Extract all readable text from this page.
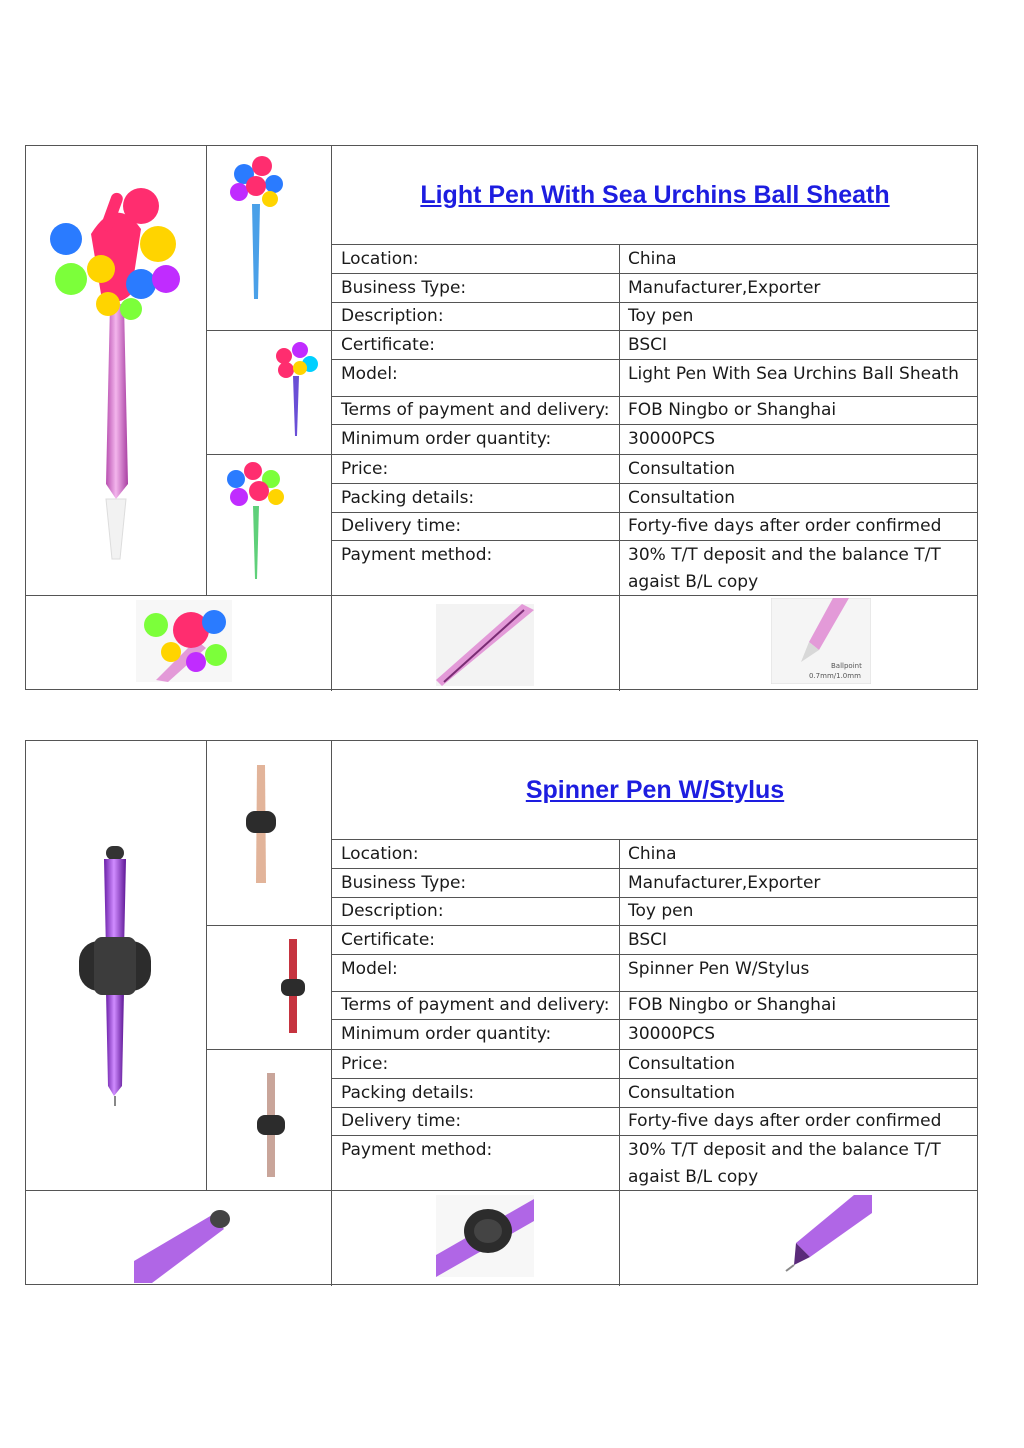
Light Pen With Sea Urchins Ball Sheath
Location:	China
Business Type:	Manufacturer,Exporter
Description:	Toy pen
Certificate:	BSCI
Model:	Light Pen With Sea Urchins Ball Sheath
Terms of payment and delivery: FOB Ningbo or Shanghai
Minimum order quantity:	30000PCS
Price:	Consultation
Packing details:	Consultation
Delivery time:	Forty-five days after order confirmed
Payment method:	30% T/T deposit and the balance T/T agaist B/L copy
Ballpoint
0.7mm/1.0mm
Spinner Pen W/Stylus
Location:	China
Business Type:	Manufacturer,Exporter
Description:	Toy pen
Certificate:	BSCI
Model:	Spinner Pen W/Stylus
Terms of payment and delivery: FOB Ningbo or Shanghai
Minimum order quantity:	30000PCS
Price:	Consultation
Packing details:	Consultation
Delivery time:	Forty-five days after order confirmed
Payment method:	30% T/T deposit and the balance T/T agaist B/L copy
